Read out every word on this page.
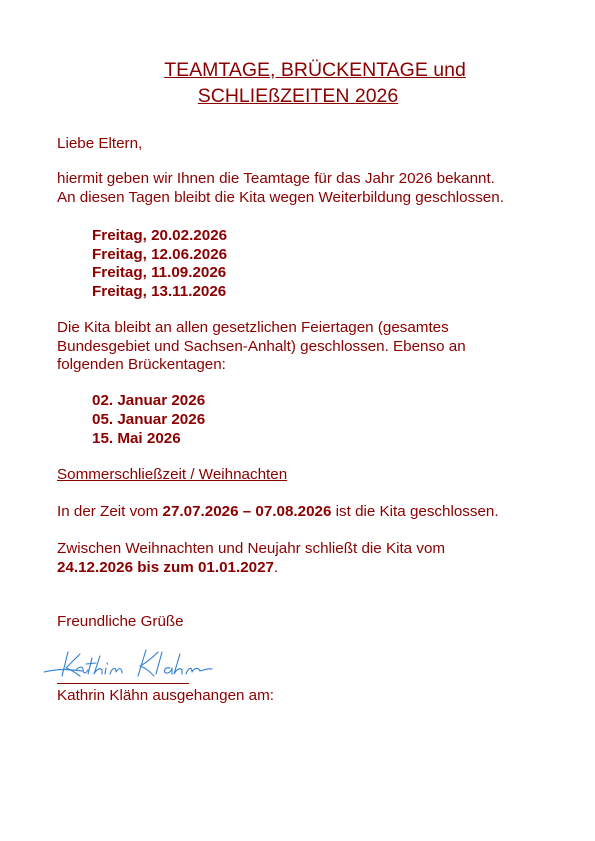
TEAMTAGE, BRÜCKENTAGE und

SCHLIEßZEITEN 2026

Liebe Eltern,

hiermit geben wir Ihnen die Teamtage für das Jahr 2026 bekannt.

An diesen Tagen bleibt die Kita wegen Weiterbildung geschlossen.

Freitag, 20.02.2026

Freitag, 12.06.2026

Freitag, 11.09.2026

Freitag, 13.11.2026

Die Kita bleibt an allen gesetzlichen Feiertagen (gesamtes

Bundesgebiet und Sachsen-Anhalt) geschlossen. Ebenso an

folgenden Brückentagen:

02. Januar 2026

05. Januar 2026

15. Mai 2026

Sommerschließzeit / Weihnachten

In der Zeit vom 27.07.2026 – 07.08.2026 ist die Kita geschlossen.

Zwischen Weihnachten und Neujahr schließt die Kita vom

24.12.2026 bis zum 01.01.2027.

Freundliche Grüße

Kathrin Klähn ausgehangen am:
